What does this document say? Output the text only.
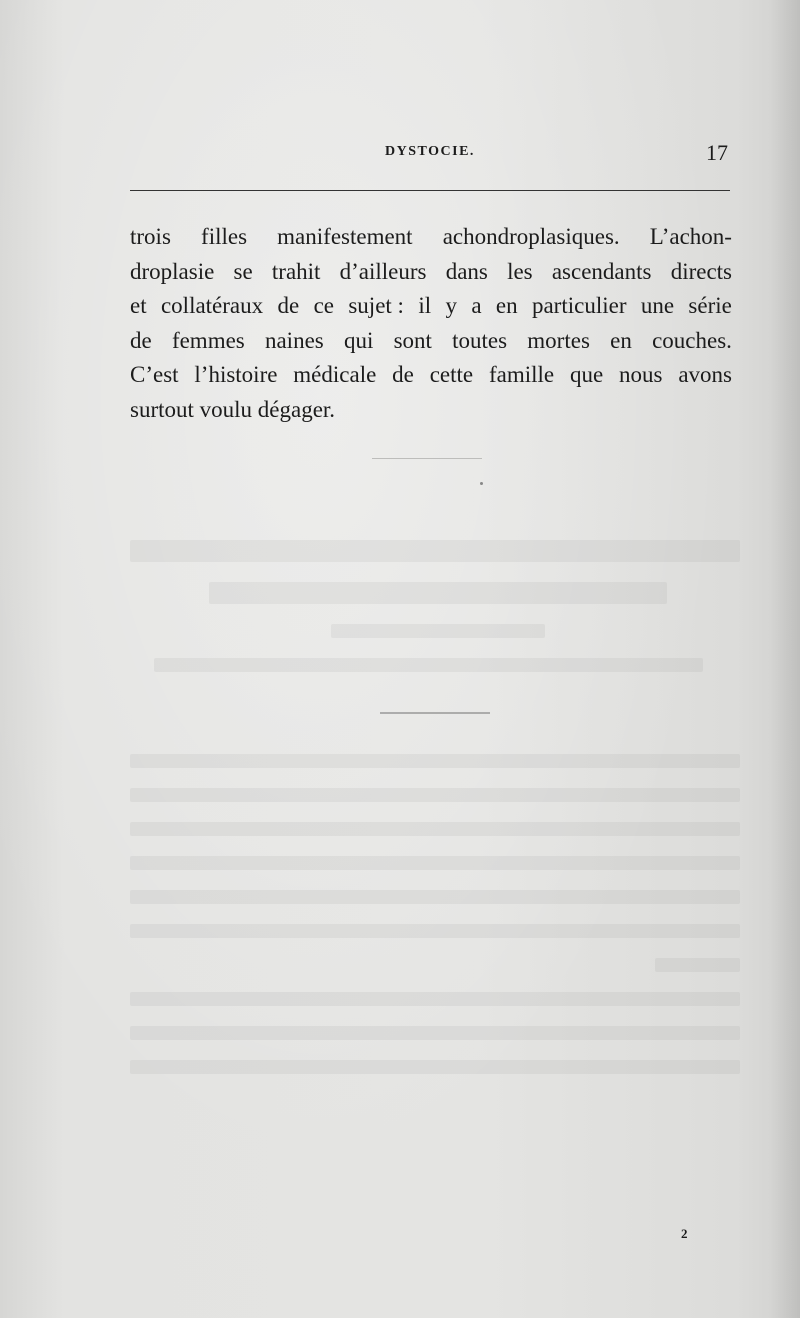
DYSTOCIE.	17
trois filles manifestement achondroplasiques. L’achon-
droplasie se trahit d’ailleurs dans les ascendants directs
et collatéraux de ce sujet : il y a en particulier une série
de femmes naines qui sont toutes mortes en couches.
C’est l’histoire médicale de cette famille que nous avons
surtout voulu dégager.
2
